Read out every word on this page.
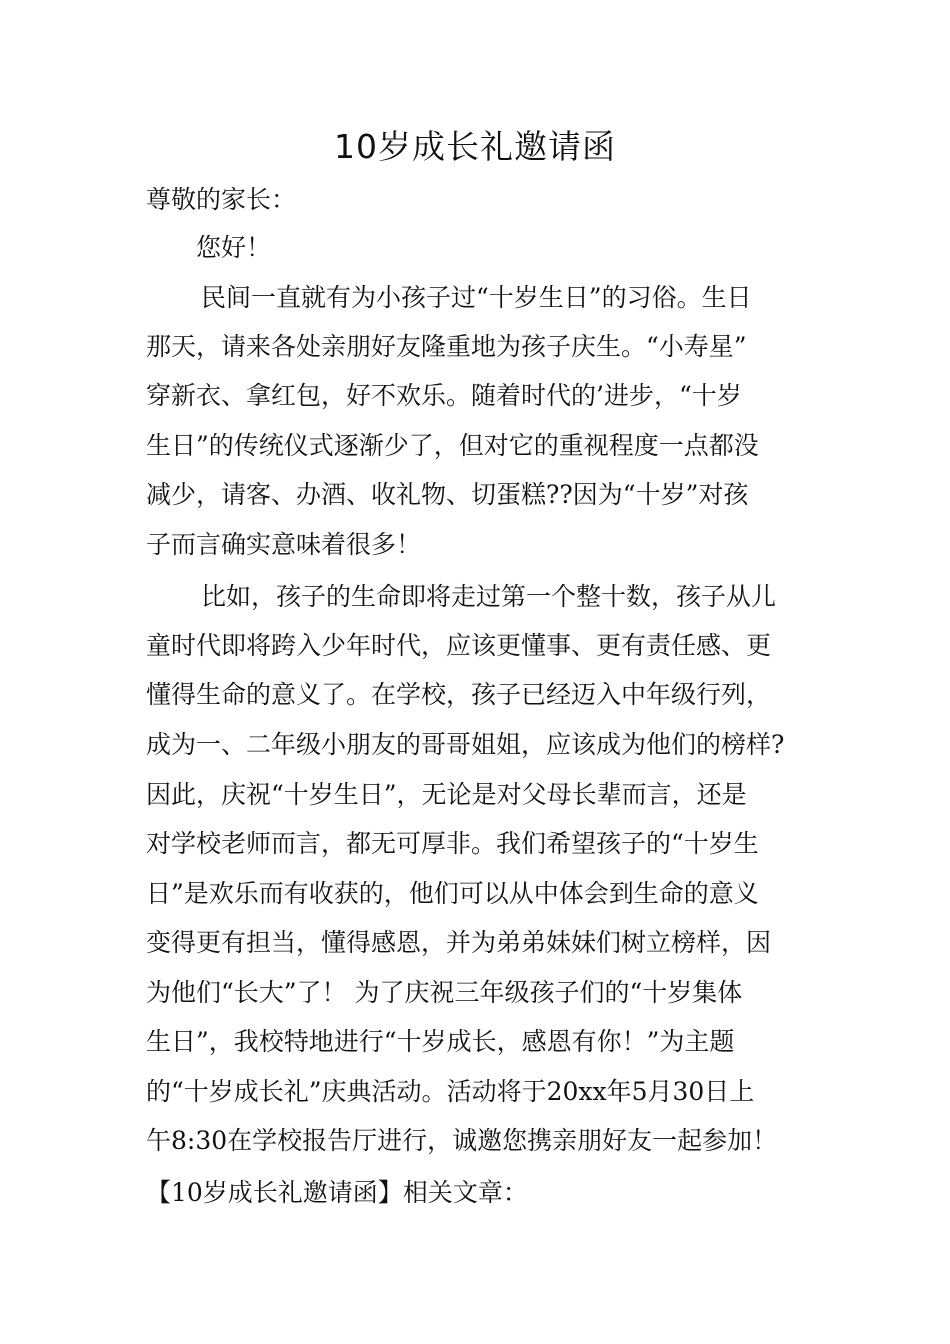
10岁成长礼邀请函
尊敬的家长：
您好！
民间一直就有为小孩子过“十岁生日”的习俗。生日
那天，请来各处亲朋好友隆重地为孩子庆生。“小寿星”
穿新衣、拿红包，好不欢乐。随着时代的’进步，“十岁
生日”的传统仪式逐渐少了，但对它的重视程度一点都没
减少，请客、办酒、收礼物、切蛋糕??因为“十岁”对孩
子而言确实意味着很多！
比如，孩子的生命即将走过第一个整十数，孩子从儿
童时代即将跨入少年时代，应该更懂事、更有责任感、更
懂得生命的意义了。在学校，孩子已经迈入中年级行列，
成为一、二年级小朋友的哥哥姐姐，应该成为他们的榜样?
因此，庆祝“十岁生日”，无论是对父母长辈而言，还是
对学校老师而言，都无可厚非。我们希望孩子的“十岁生
日”是欢乐而有收获的，他们可以从中体会到生命的意义
变得更有担当，懂得感恩，并为弟弟妹妹们树立榜样，因
为他们“长大”了！ 为了庆祝三年级孩子们的“十岁集体
生日”，我校特地进行“十岁成长，感恩有你！”为主题
的“十岁成长礼”庆典活动。活动将于20xx年5月30日上
午8:30在学校报告厅进行，诚邀您携亲朋好友一起参加！
【10岁成长礼邀请函】相关文章：
